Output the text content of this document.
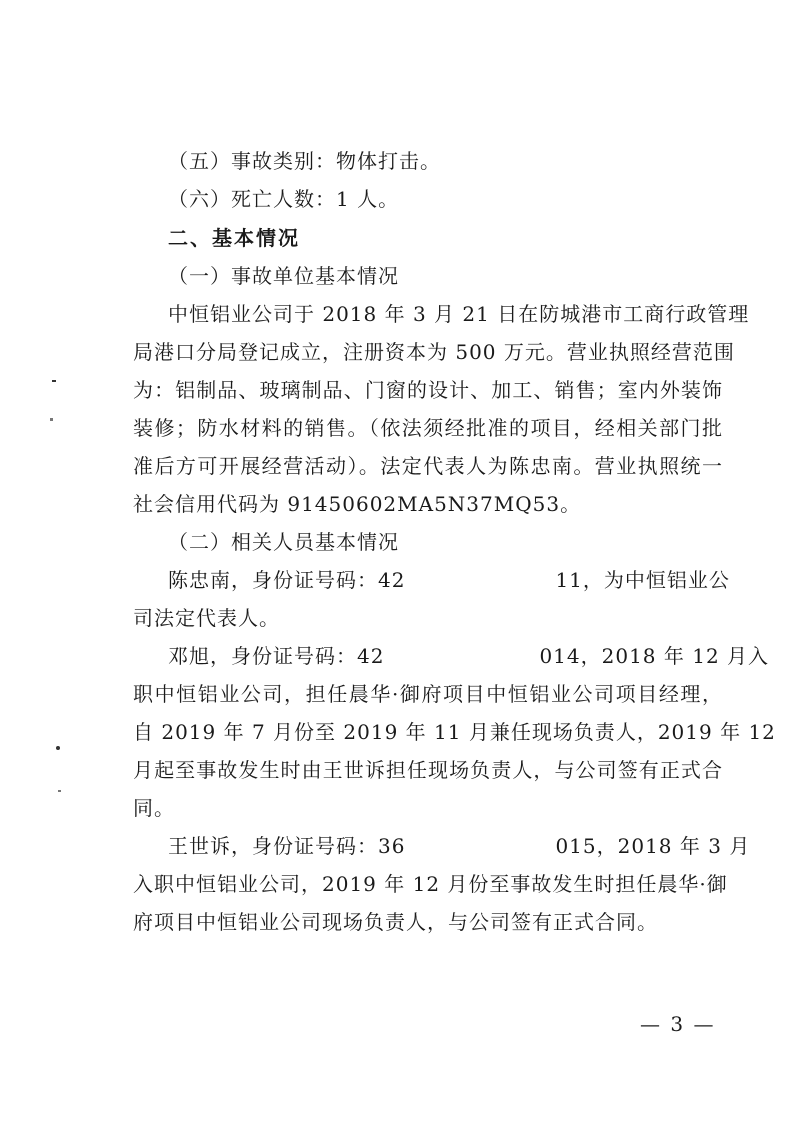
（五）事故类别：物体打击。
（六）死亡人数：1 人。
二、基本情况
（一）事故单位基本情况
中恒铝业公司于 2018 年 3 月 21 日在防城港市工商行政管理
局港口分局登记成立，注册资本为 500 万元。营业执照经营范围
为：铝制品、玻璃制品、门窗的设计、加工、销售；室内外装饰
装修；防水材料的销售。（依法须经批准的项目，经相关部门批
准后方可开展经营活动）。法定代表人为陈忠南。营业执照统一
社会信用代码为 91450602MA5N37MQ53。
（二）相关人员基本情况
陈忠南，身份证号码：42	11，为中恒铝业公
司法定代表人。
邓旭，身份证号码：42	014，2018 年 12 月入
职中恒铝业公司，担任晨华·御府项目中恒铝业公司项目经理，
自 2019 年 7 月份至 2019 年 11 月兼任现场负责人，2019 年 12
月起至事故发生时由王世诉担任现场负责人，与公司签有正式合
同。
王世诉，身份证号码：36	015，2018 年 3 月
入职中恒铝业公司，2019 年 12 月份至事故发生时担任晨华·御
府项目中恒铝业公司现场负责人，与公司签有正式合同。
— 3 —
